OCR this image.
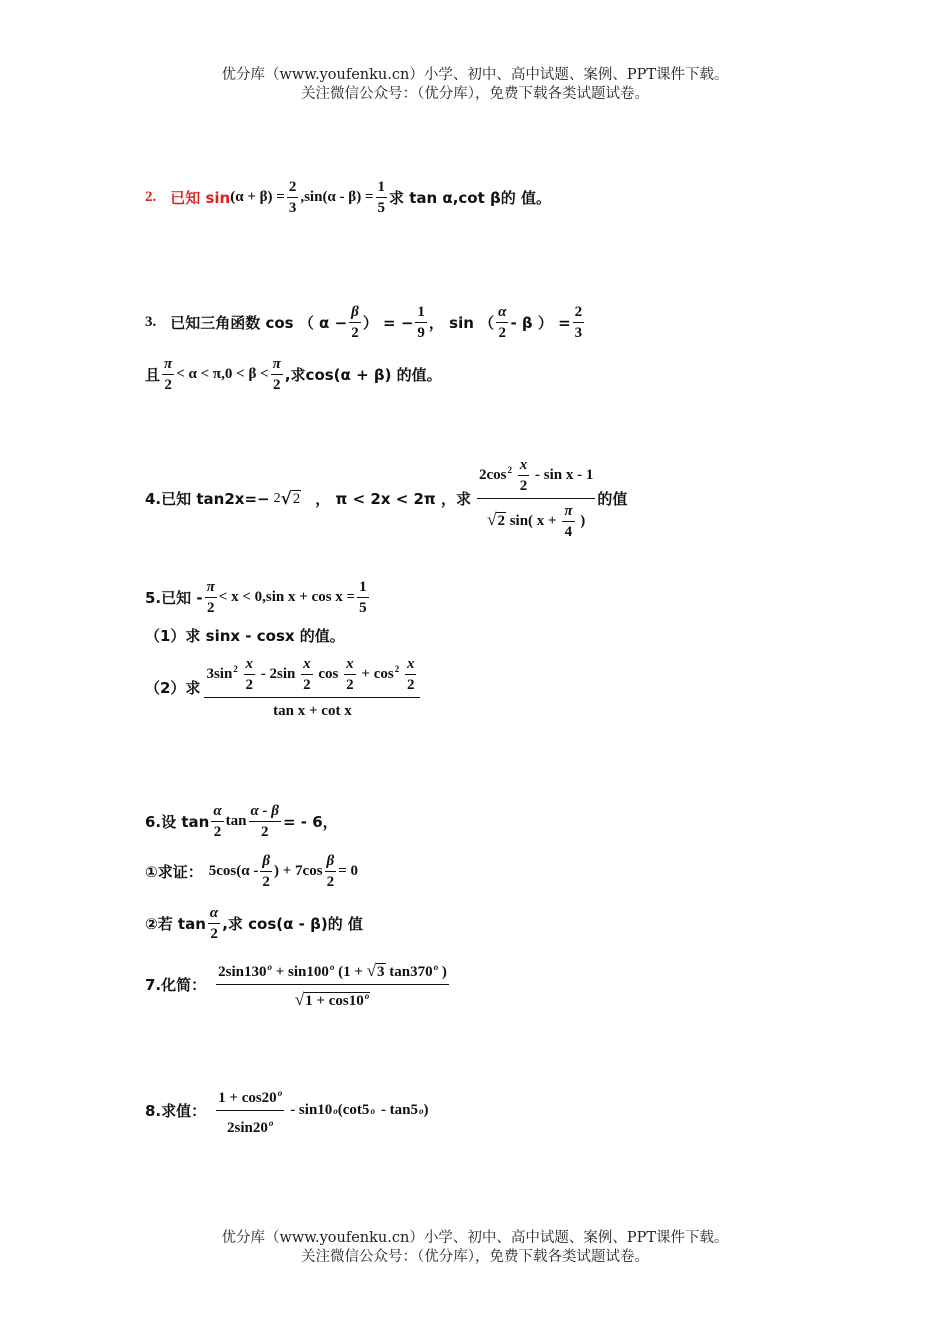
优分库（www.youfenku.cn）小学、初中、高中试题、案例、PPT课件下载。
关注微信公众号：（优分库），免费下载各类试题试卷。
2. 已知 $\sin (\alpha + \beta) = \frac{2}{3} ,\sin(\alpha - \beta) = \frac{1}{5}$ 求 tan α,cot β的 值。
3. 已知三角函数 cos （ $\alpha - \frac{\beta}{2}$ ） = − $\frac{1}{9}$ ， sin （ $\frac{\alpha}{2}$ - β ） = $\frac{2}{3}$
且 $\frac{\pi}{2} < \alpha < \pi,0 < \beta < \frac{\pi}{2}$ ,求cos(α + β) 的值。
4.已知 tan2x=− 2 √ 2 ， π < 2x < 2π ，求 $\frac{2\cos^2 \frac{x}{2} - \sin x - 1}{√2 \sin( x + \frac{\pi}{4} )}$ 的值
5.已知 - $\frac{\pi}{2} < x < 0,\sin$ $x + \cos x = \frac{1}{5}$
（1）求 sinx - cosx 的值。
（2）求
$3\sin^2 \frac{x}{2} - 2\sin \frac{x}{2}$ $\cos \frac{x}{2} + \cos^2 \frac{x}{2}$
tan x + cot x
6.设 $\tan \frac{\alpha}{2}$ $\tan \frac{\alpha - \beta}{2}$ = - 6，
①求证： $5\cos(\alpha - \frac{\beta}{2}$ ) + $7\cos \frac{\beta}{2} = 0$
②若 $\tan \frac{\alpha}{2}$ ,求 cos(α - β)的 值
7.化简：
$2\sin 130^o + \sin 100^o$ (1 + √3 tan370$^o$ )
$√1 + \cos 10^o$
8.求值： $\frac{1 + \cos 20^o}{2\sin 20^o} - \sin 10$ o (cot5 o - tan5 o )
优分库（www.youfenku.cn）小学、初中、高中试题、案例、PPT课件下载。
关注微信公众号：（优分库），免费下载各类试题试卷。
